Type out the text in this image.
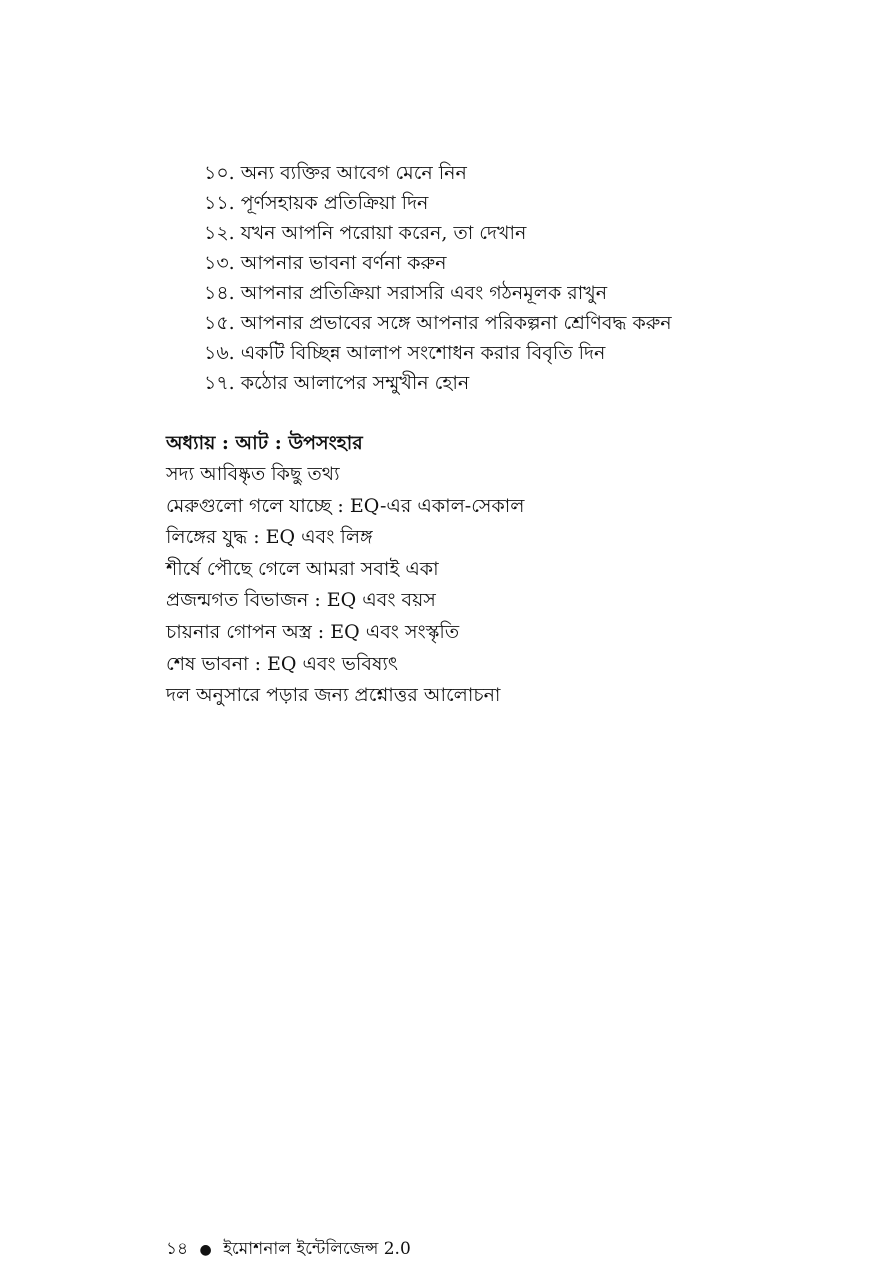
১০. অন্য ব্যক্তির আবেগ মেনে নিন
১১. পূর্ণসহায়ক প্রতিক্রিয়া দিন
১২. যখন আপনি পরোয়া করেন, তা দেখান
১৩. আপনার ভাবনা বর্ণনা করুন
১৪. আপনার প্রতিক্রিয়া সরাসরি এবং গঠনমূলক রাখুন
১৫. আপনার প্রভাবের সঙ্গে আপনার পরিকল্পনা শ্রেণিবদ্ধ করুন
১৬. একটি বিচ্ছিন্ন আলাপ সংশোধন করার বিবৃতি দিন
১৭. কঠোর আলাপের সম্মুখীন হোন
অধ্যায় : আট : উপসংহার
সদ্য আবিষ্কৃত কিছু তথ্য
মেরুগুলো গলে যাচ্ছে : EQ-এর একাল-সেকাল
লিঙ্গের যুদ্ধ : EQ এবং লিঙ্গ
শীর্ষে পৌছে গেলে আমরা সবাই একা
প্রজন্মগত বিভাজন : EQ এবং বয়স
চায়নার গোপন অস্ত্র : EQ এবং সংস্কৃতি
শেষ ভাবনা : EQ এবং ভবিষ্যৎ
দল অনুসারে পড়ার জন্য প্রশ্নোত্তর আলোচনা
১৪ ● ইমোশনাল ইন্টেলিজেন্স 2.0
